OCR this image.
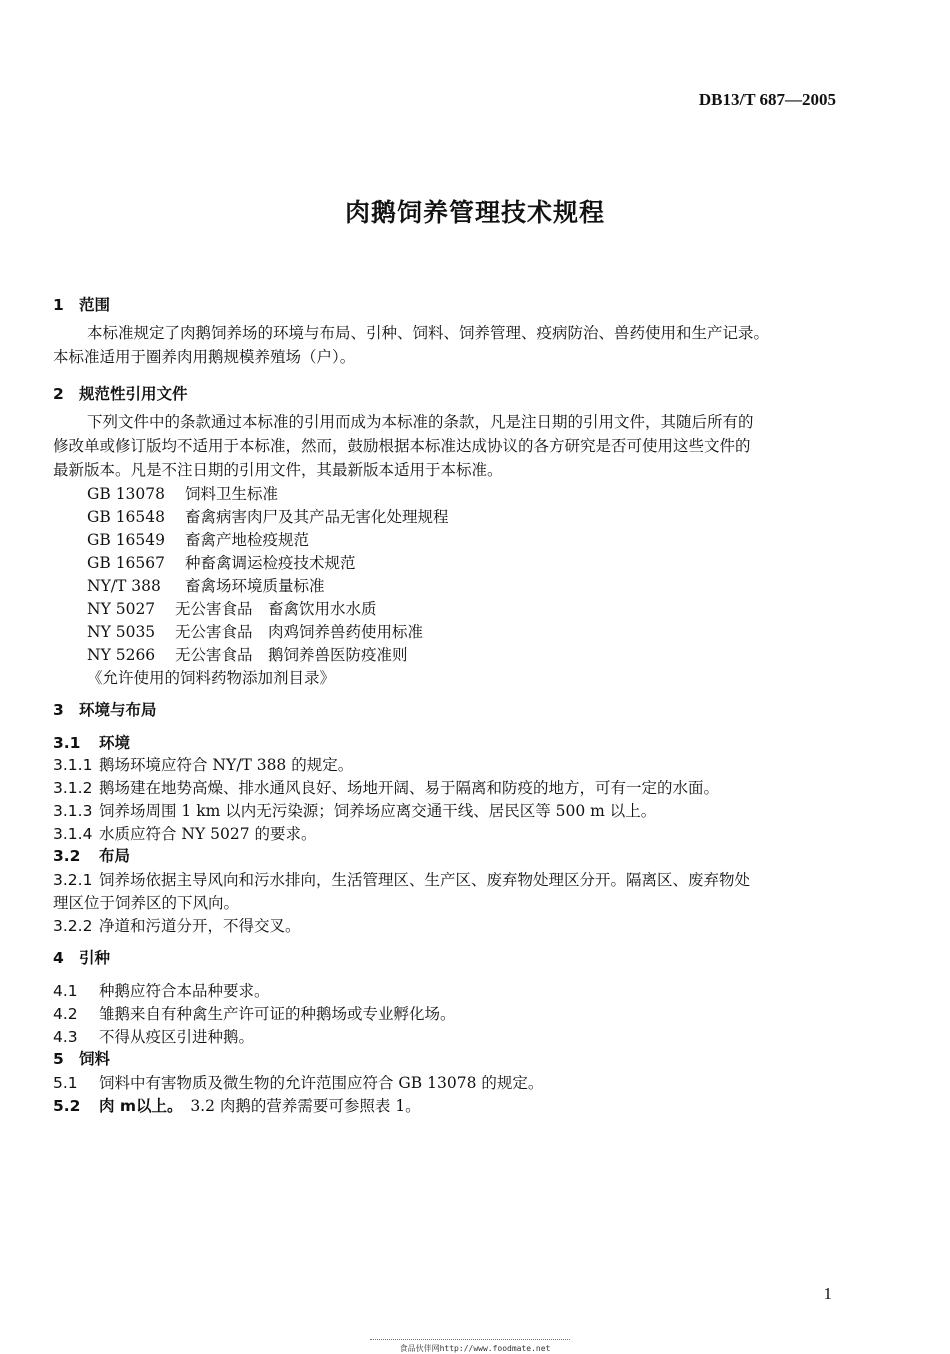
DB13/T 687—2005
肉鹅饲养管理技术规程
1 范围
本标准规定了肉鹅饲养场的环境与布局、引种、饲料、饲养管理、疫病防治、兽药使用和生产记录。
本标准适用于圈养肉用鹅规模养殖场（户）。
2 规范性引用文件
下列文件中的条款通过本标准的引用而成为本标准的条款，凡是注日期的引用文件，其随后所有的
修改单或修订版均不适用于本标准，然而，鼓励根据本标准达成协议的各方研究是否可使用这些文件的
最新版本。凡是不注日期的引用文件，其最新版本适用于本标准。
GB 13078 饲料卫生标准
GB 16548 畜禽病害肉尸及其产品无害化处理规程
GB 16549 畜禽产地检疫规范
GB 16567 种畜禽调运检疫技术规范
NY/T 388 畜禽场环境质量标准
NY 5027 无公害食品　畜禽饮用水水质
NY 5035 无公害食品　肉鸡饲养兽药使用标准
NY 5266 无公害食品　鹅饲养兽医防疫准则
《允许使用的饲料药物添加剂目录》
3 环境与布局
3.1 环境
3.1.1 鹅场环境应符合 NY/T 388 的规定。
3.1.2 鹅场建在地势高燥、排水通风良好、场地开阔、易于隔离和防疫的地方，可有一定的水面。
3.1.3 饲养场周围 1 km 以内无污染源；饲养场应离交通干线、居民区等 500 m 以上。
3.1.4 水质应符合 NY 5027 的要求。
3.2 布局
3.2.1 饲养场依据主导风向和污水排向，生活管理区、生产区、废弃物处理区分开。隔离区、废弃物处
理区位于饲养区的下风向。
3.2.2 净道和污道分开，不得交叉。
4 引种
4.1 种鹅应符合本品种要求。
4.2 雏鹅来自有种禽生产许可证的种鹅场或专业孵化场。
4.3 不得从疫区引进种鹅。
5 饲料
5.1 饲料中有害物质及微生物的允许范围应符合 GB 13078 的规定。
5.2 肉 m以上。　3.2 肉鹅的营养需要可参照表 1。
1
食品伙伴网http://www.foodmate.net
